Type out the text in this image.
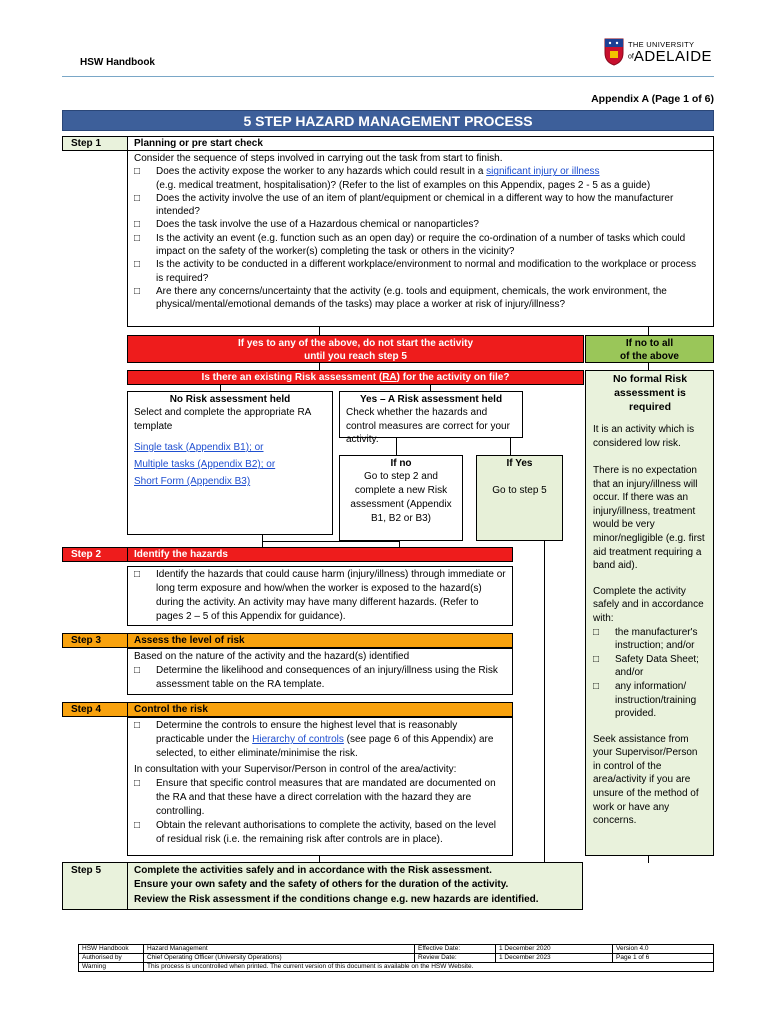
HSW Handbook
THE UNIVERSITY
ofADELAIDE
Appendix A (Page 1 of 6)
5 STEP HAZARD MANAGEMENT PROCESS
Step 1	Planning or pre start check
Consider the sequence of steps involved in carrying out the task from start to finish.
□	Does the activity expose the worker to any hazards which could result in a significant injury or illness
(e.g. medical treatment, hospitalisation)? (Refer to the list of examples on this Appendix, pages 2 - 5 as a guide)
□	Does the activity involve the use of an item of plant/equipment or chemical in a different way to how the manufacturer intended?
□	Does the task involve the use of a Hazardous chemical or nanoparticles?
□	Is the activity an event (e.g. function such as an open day) or require the co-ordination of a number of tasks which could impact on the safety of the worker(s) completing the task or others in the vicinity?
□	Is the activity to be conducted in a different workplace/environment to normal and modification to the workplace or process is required?
□	Are there any concerns/uncertainty that the activity (e.g. tools and equipment, chemicals, the work environment, the physical/mental/emotional demands of the tasks) may place a worker at risk of injury/illness?
If yes to any of the above, do not start the activity
until you reach step 5
If no to all
of the above
Is there an existing Risk assessment (RA) for the activity on file?
No Risk assessment held
Select and complete the appropriate RA template
Single task (Appendix B1); or
Multiple tasks (Appendix B2); or
Short Form (Appendix B3)
Yes – A Risk assessment held
Check whether the hazards and control measures are correct for your activity.
If no
Go to step 2 and complete a new Risk assessment (Appendix B1, B2 or B3)
If Yes
Go to step 5
No formal Risk assessment is required
It is an activity which is considered low risk.
There is no expectation that an injury/illness will occur. If there was an injury/illness, treatment would be very minor/negligible (e.g. first aid treatment requiring a band aid).
Complete the activity safely and in accordance with:
□	the manufacturer's instruction; and/or
□	Safety Data Sheet; and/or
□	any information/ instruction/training provided.
Seek assistance from your Supervisor/Person in control of the area/activity if you are unsure of the method of work or have any concerns.
Step 2	Identify the hazards
□	Identify the hazards that could cause harm (injury/illness) through immediate or long term exposure and how/when the worker is exposed to the hazard(s) during the activity. An activity may have many different hazards. (Refer to pages 2 – 5 of this Appendix for guidance).
Step 3	Assess the level of risk
Based on the nature of the activity and the hazard(s) identified
□	Determine the likelihood and consequences of an injury/illness using the Risk assessment table on the RA template.
Step 4	Control the risk
□	Determine the controls to ensure the highest level that is reasonably practicable under the Hierarchy of controls (see page 6 of this Appendix) are selected, to either eliminate/minimise the risk.
In consultation with your Supervisor/Person in control of the area/activity:
□	Ensure that specific control measures that are mandated are documented on the RA and that these have a direct correlation with the hazard they are controlling.
□	Obtain the relevant authorisations to complete the activity, based on the level of residual risk (i.e. the remaining risk after controls are in place).
Step 5	Complete the activities safely and in accordance with the Risk assessment.
Ensure your own safety and the safety of others for the duration of the activity.
Review the Risk assessment if the conditions change e.g. new hazards are identified.
HSW Handbook	Hazard Management	Effective Date:	1 December 2020	Version 4.0
Authorised by	Chief Operating Officer (University Operations)	Review Date:	1 December 2023	Page 1 of 6
Warning	This process is uncontrolled when printed. The current version of this document is available on the HSW Website.			
